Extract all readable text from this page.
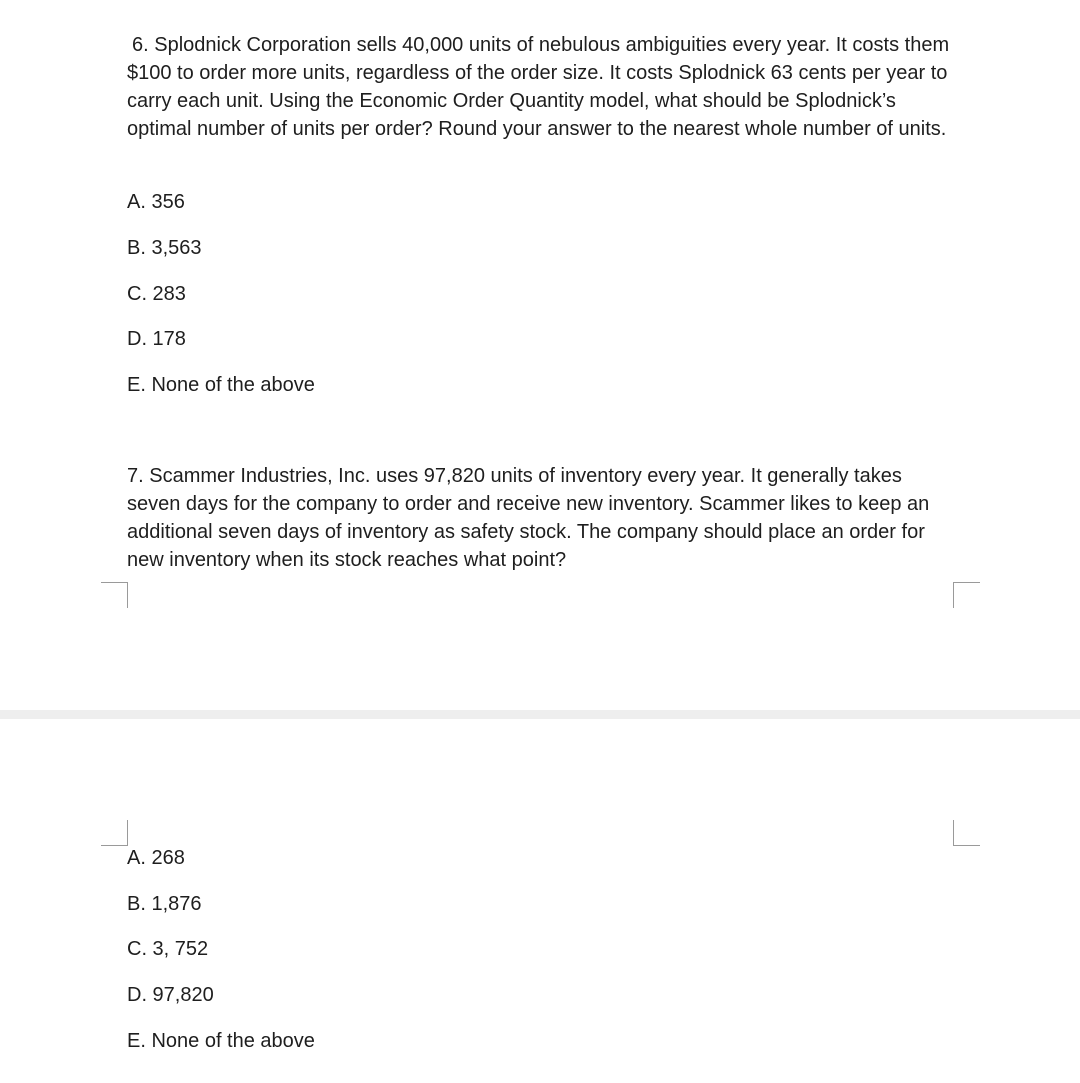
6. Splodnick Corporation sells 40,000 units of nebulous ambiguities every year. It costs them $100 to order more units, regardless of the order size. It costs Splodnick 63 cents per year to carry each unit. Using the Economic Order Quantity model, what should be Splodnick’s optimal number of units per order? Round your answer to the nearest whole number of units.

A. 356

B. 3,563

C. 283

D. 178

E. None of the above

7. Scammer Industries, Inc. uses 97,820 units of inventory every year. It generally takes seven days for the company to order and receive new inventory. Scammer likes to keep an additional seven days of inventory as safety stock. The company should place an order for new inventory when its stock reaches what point?

A. 268

B. 1,876

C. 3, 752

D. 97,820

E. None of the above
